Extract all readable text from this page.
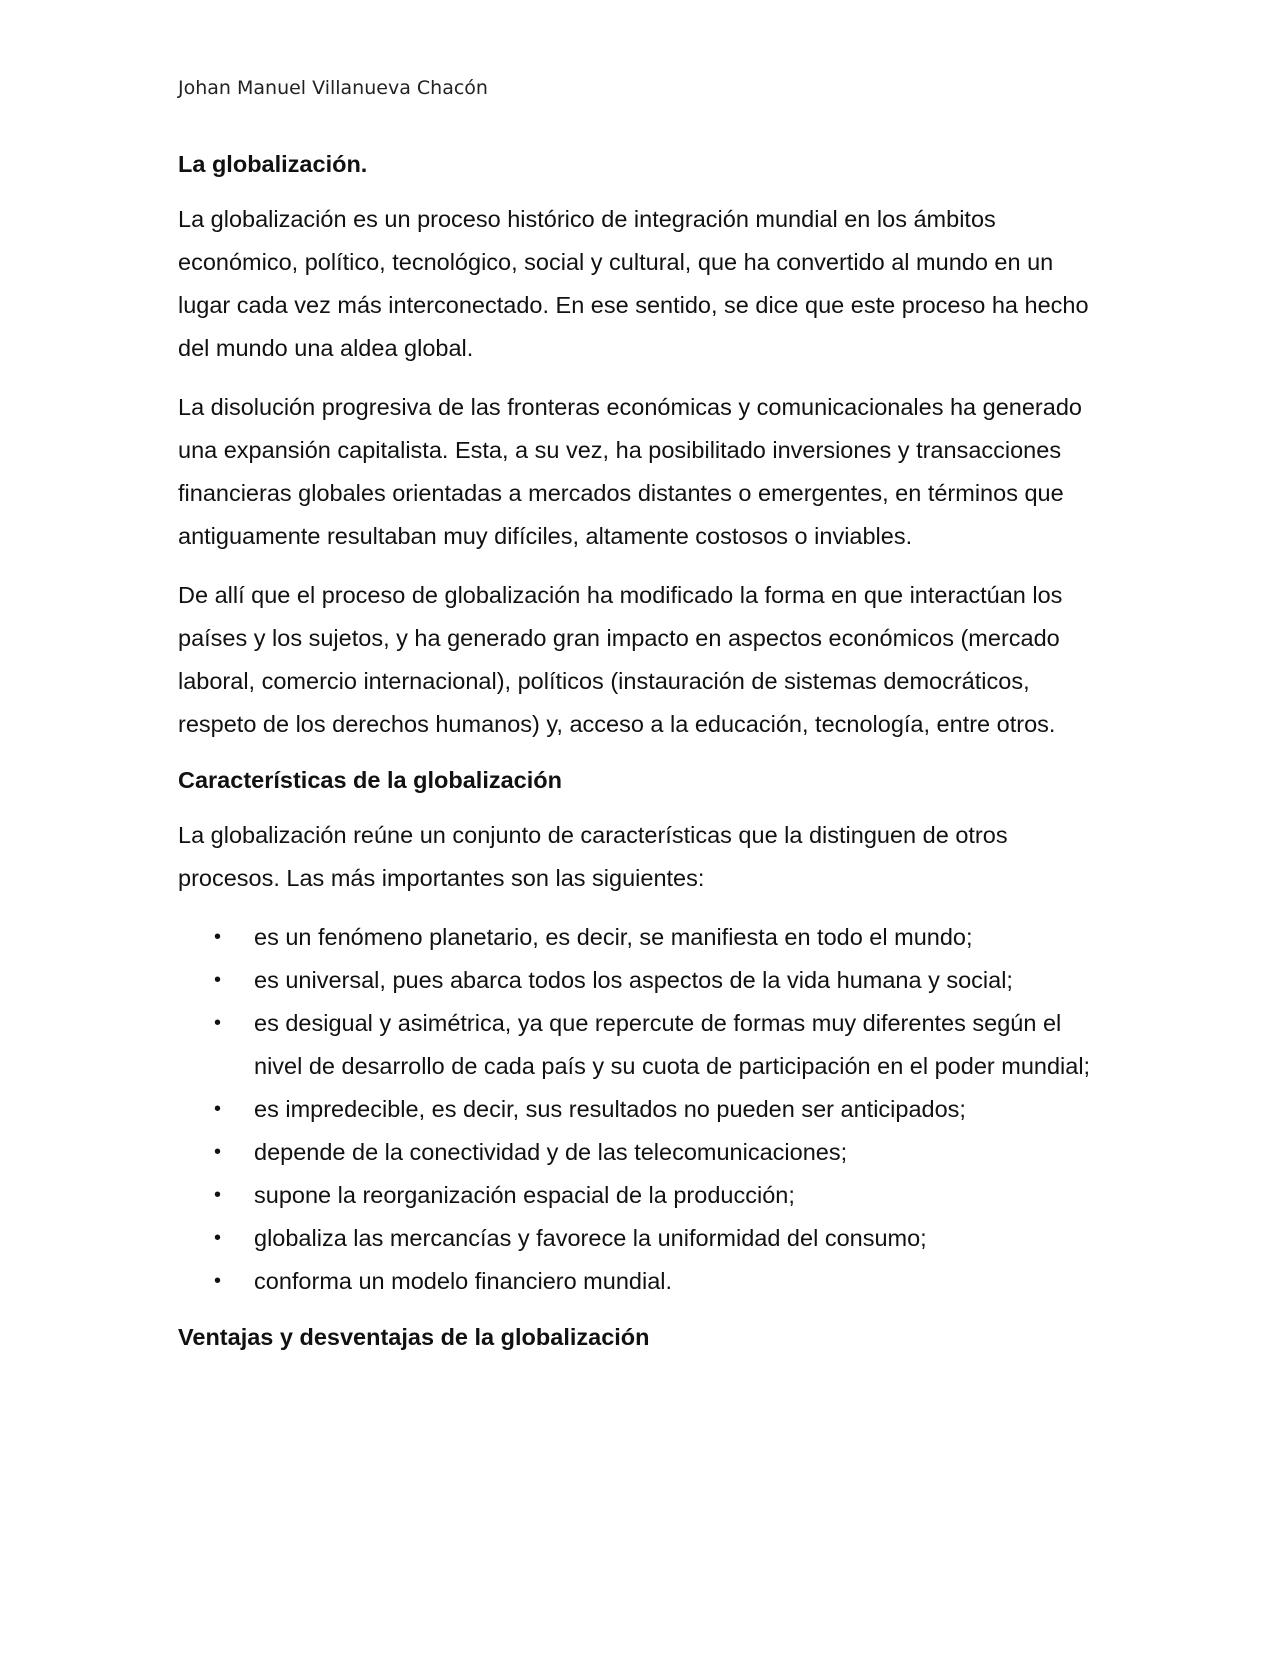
Johan Manuel Villanueva Chacón
La globalización.

La globalización es un proceso histórico de integración mundial en los ámbitos económico, político, tecnológico, social y cultural, que ha convertido al mundo en un lugar cada vez más interconectado. En ese sentido, se dice que este proceso ha hecho del mundo una aldea global.

La disolución progresiva de las fronteras económicas y comunicacionales ha generado una expansión capitalista. Esta, a su vez, ha posibilitado inversiones y transacciones financieras globales orientadas a mercados distantes o emergentes, en términos que antiguamente resultaban muy difíciles, altamente costosos o inviables.

De allí que el proceso de globalización ha modificado la forma en que interactúan los países y los sujetos, y ha generado gran impacto en aspectos económicos (mercado laboral, comercio internacional), políticos (instauración de sistemas democráticos, respeto de los derechos humanos) y, acceso a la educación, tecnología, entre otros.

Características de la globalización

La globalización reúne un conjunto de características que la distinguen de otros procesos. Las más importantes son las siguientes:

• es un fenómeno planetario, es decir, se manifiesta en todo el mundo;
• es universal, pues abarca todos los aspectos de la vida humana y social;
• es desigual y asimétrica, ya que repercute de formas muy diferentes según el nivel de desarrollo de cada país y su cuota de participación en el poder mundial;
• es impredecible, es decir, sus resultados no pueden ser anticipados;
• depende de la conectividad y de las telecomunicaciones;
• supone la reorganización espacial de la producción;
• globaliza las mercancías y favorece la uniformidad del consumo;
• conforma un modelo financiero mundial.
Ventajas y desventajas de la globalización
